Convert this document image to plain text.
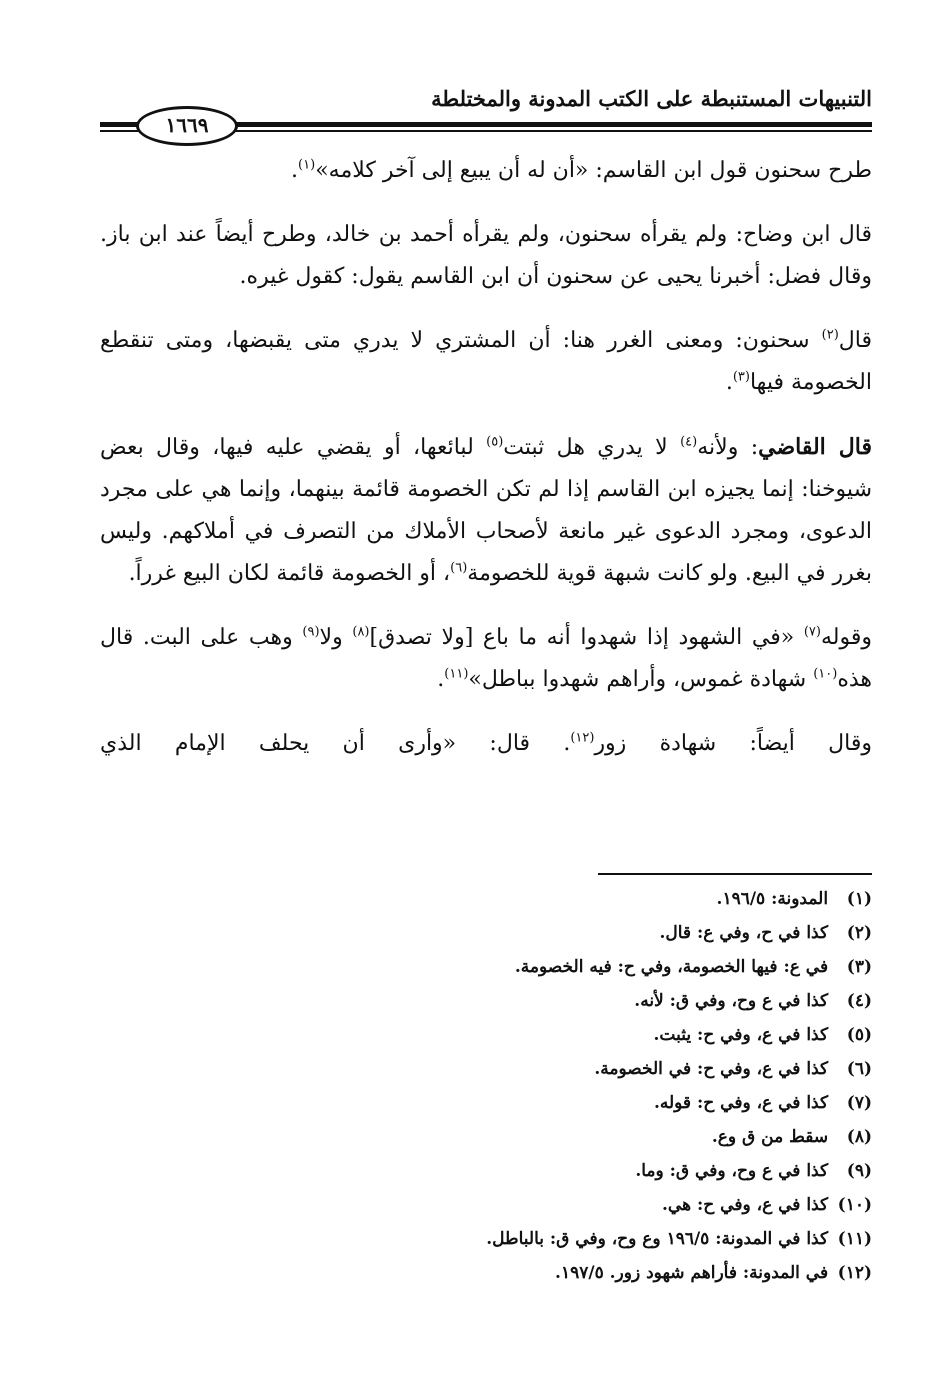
التنبيهات المستنبطة على الكتب المدونة والمختلطة
١٦٦٩

طرح سحنون قول ابن القاسم: «أن له أن يبيع إلى آخر كلامه»$^{(١)}$.

قال ابن وضاح: ولم يقرأه سحنون، ولم يقرأه أحمد بن خالد، وطرح أيضاً عند ابن باز. وقال فضل: أخبرنا يحيى عن سحنون أن ابن القاسم يقول: كقول غيره.

قال$^{(٢)}$ سحنون: ومعنى الغرر هنا: أن المشتري لا يدري متى يقبضها، ومتى تنقطع الخصومة فيها$^{(٣)}$.

قال القاضي: ولأنه$^{(٤)}$ لا يدري هل ثبتت$^{(٥)}$ لبائعها، أو يقضي عليه فيها، وقال بعض شيوخنا: إنما يجيزه ابن القاسم إذا لم تكن الخصومة قائمة بينهما، وإنما هي على مجرد الدعوى، ومجرد الدعوى غير مانعة لأصحاب الأملاك من التصرف في أملاكهم. وليس بغرر في البيع. ولو كانت شبهة قوية للخصومة$^{(٦)}$، أو الخصومة قائمة لكان البيع غرراً.

وقوله$^{(٧)}$ «في الشهود إذا شهدوا أنه ما باع [ولا تصدق]$^{(٨)}$ ولا$^{(٩)}$ وهب على البت. قال هذه$^{(١٠)}$ شهادة غموس، وأراهم شهدوا بباطل»$^{(١١)}$.

وقال أيضاً: شهادة زور$^{(١٢)}$. قال: «وأرى أن يحلف الإمام الذي

(١) المدونة: ١٩٦/٥.

(٢) كذا في ح، وفي ع: قال.

(٣) في ع: فيها الخصومة، وفي ح: فيه الخصومة.

(٤) كذا في ع وح، وفي ق: لأنه.

(٥) كذا في ع، وفي ح: يثبت.

(٦) كذا في ع، وفي ح: في الخصومة.

(٧) كذا في ع، وفي ح: قوله.

(٨) سقط من ق وع.

(٩) كذا في ع وح، وفي ق: وما.

(١٠) كذا في ع، وفي ح: هي.

(١١) كذا في المدونة: ١٩٦/٥ وع وح، وفي ق: بالباطل.

(١٢) في المدونة: فأراهم شهود زور. ١٩٧/٥.
